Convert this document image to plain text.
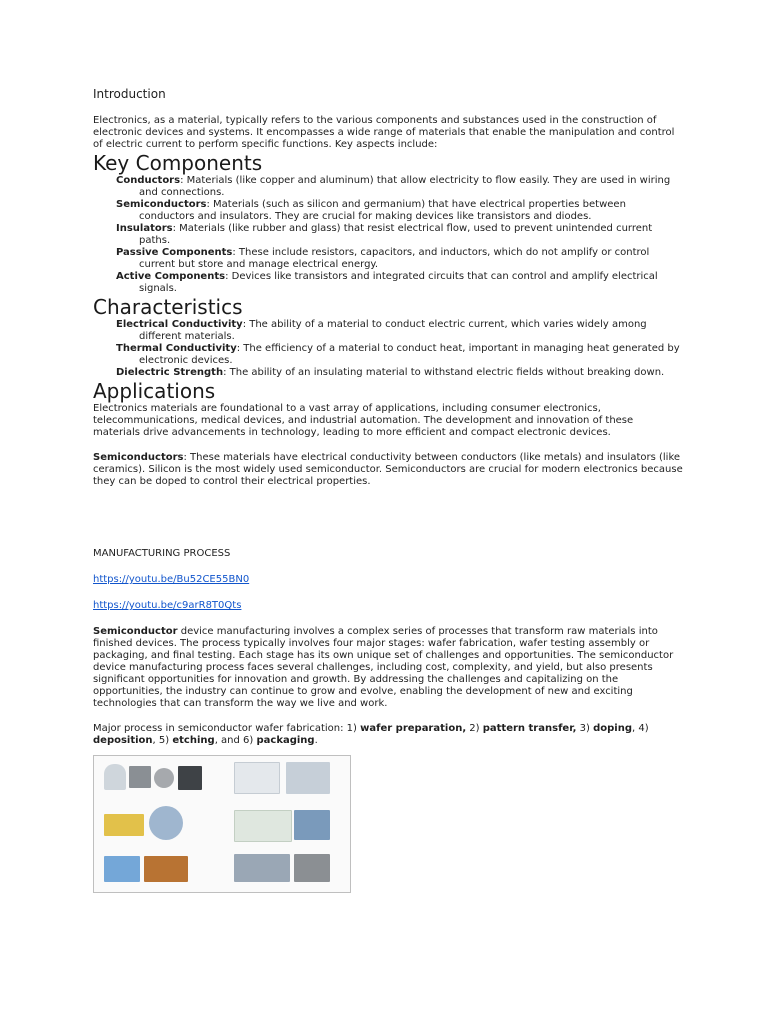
Introduction

Electronics, as a material, typically refers to the various components and substances used in the construction of electronic devices and systems. It encompasses a wide range of materials that enable the manipulation and control of electric current to perform specific functions. Key aspects include:

Key Components
Conductors: Materials (like copper and aluminum) that allow electricity to flow easily. They are used in wiring and connections.
Semiconductors: Materials (such as silicon and germanium) that have electrical properties between conductors and insulators. They are crucial for making devices like transistors and diodes.
Insulators: Materials (like rubber and glass) that resist electrical flow, used to prevent unintended current paths.
Passive Components: These include resistors, capacitors, and inductors, which do not amplify or control current but store and manage electrical energy.
Active Components: Devices like transistors and integrated circuits that can control and amplify electrical signals.
Characteristics
Electrical Conductivity: The ability of a material to conduct electric current, which varies widely among different materials.
Thermal Conductivity: The efficiency of a material to conduct heat, important in managing heat generated by electronic devices.
Dielectric Strength: The ability of an insulating material to withstand electric fields without breaking down.
Applications

Electronics materials are foundational to a vast array of applications, including consumer electronics, telecommunications, medical devices, and industrial automation. The development and innovation of these materials drive advancements in technology, leading to more efficient and compact electronic devices.

Semiconductors: These materials have electrical conductivity between conductors (like metals) and insulators (like ceramics). Silicon is the most widely used semiconductor. Semiconductors are crucial for modern electronics because they can be doped to control their electrical properties.

MANUFACTURING PROCESS

https://youtu.be/Bu52CE55BN0
https://youtu.be/c9arR8T0Qts

Semiconductor device manufacturing involves a complex series of processes that transform raw materials into finished devices. The process typically involves four major stages: wafer fabrication, wafer testing assembly or packaging, and final testing. Each stage has its own unique set of challenges and opportunities. The semiconductor device manufacturing process faces several challenges, including cost, complexity, and yield, but also presents significant opportunities for innovation and growth. By addressing the challenges and capitalizing on the opportunities, the industry can continue to grow and evolve, enabling the development of new and exciting technologies that can transform the way we live and work.

Major process in semiconductor wafer fabrication: 1) wafer preparation, 2) pattern transfer, 3) doping, 4) deposition, 5) etching, and 6) packaging.
